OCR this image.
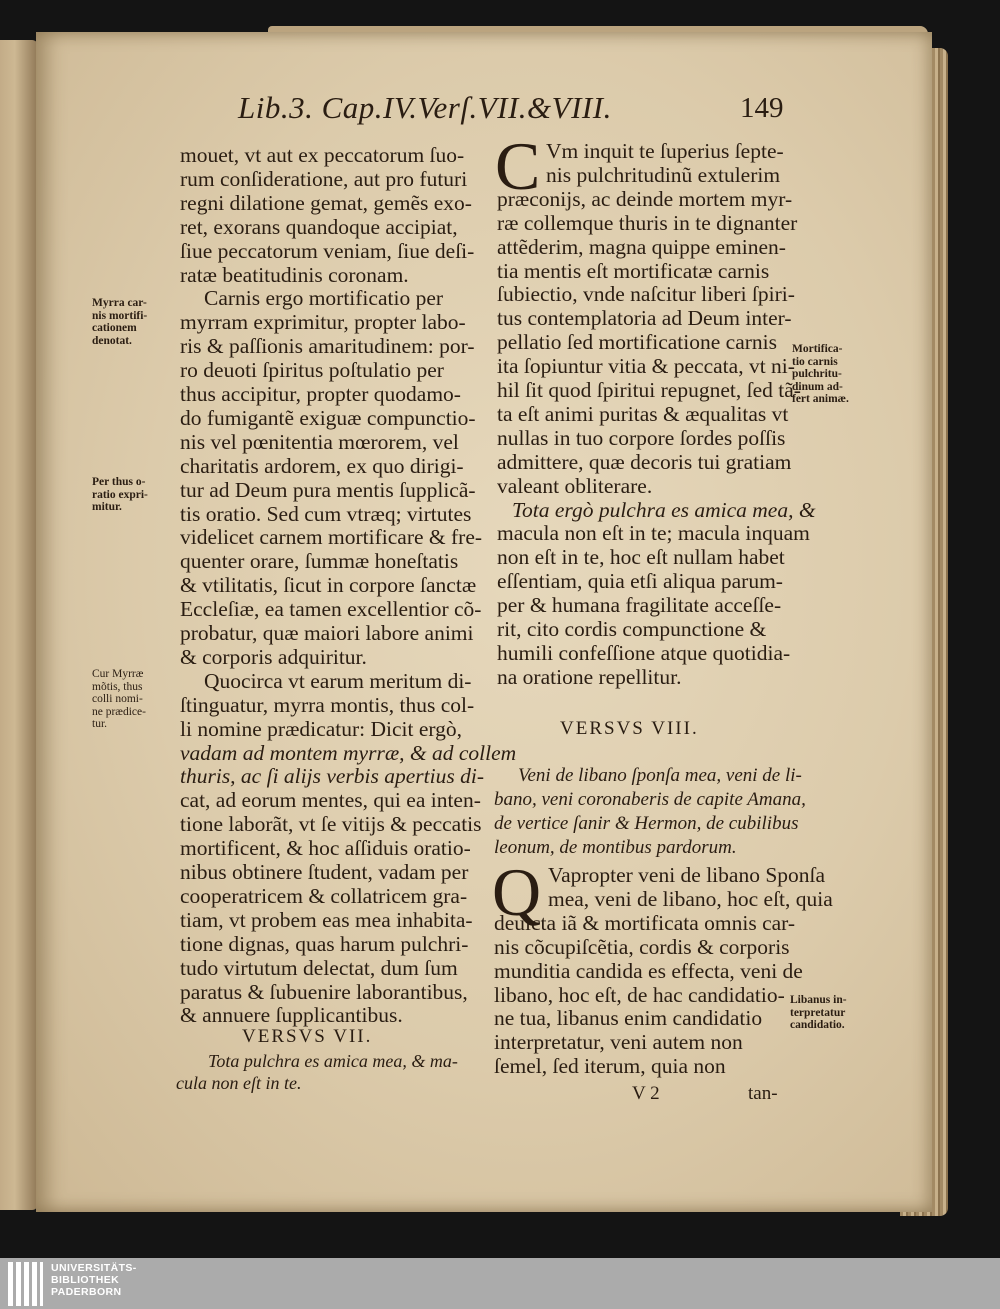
Lib.3. Cap.IV.Verſ.VII.&VIII.	149
mouet, vt aut ex peccatorum ſuo-
rum conſideratione, aut pro futuri
regni dilatione gemat, gemẽs exo-
ret, exorans quandoque accipiat,
ſiue peccatorum veniam, ſiue deſi-
ratæ beatitudinis coronam.
Carnis ergo mortificatio per
myrram exprimitur, propter labo-
ris & paſſionis amaritudinem: por-
ro deuoti ſpiritus poſtulatio per
thus accipitur, propter quodamo-
do fumigantẽ exiguæ compunctio-
nis vel pœnitentia mœrorem, vel
charitatis ardorem, ex quo dirigi-
tur ad Deum pura mentis ſupplicã-
tis oratio. Sed cum vtræq; virtutes
videlicet carnem mortificare & fre-
quenter orare, ſummæ honeſtatis
& vtilitatis, ſicut in corpore ſanctæ
Eccleſiæ, ea tamen excellentior cõ-
probatur, quæ maiori labore animi
& corporis adquiritur.
Quocirca vt earum meritum di-
ſtinguatur, myrra montis, thus col-
li nomine prædicatur: Dicit ergò,
vadam ad montem myrræ, & ad collem
thuris, ac ſi alijs verbis apertius di-
cat, ad eorum mentes, qui ea inten-
tione laborãt, vt ſe vitijs & peccatis
mortificent, & hoc aſſiduis oratio-
nibus obtinere ſtudent, vadam per
cooperatricem & collatricem gra-
tiam, vt probem eas mea inhabita-
tione dignas, quas harum pulchri-
tudo virtutum delectat, dum ſum
paratus & ſubuenire laborantibus,
& annuere ſupplicantibus.
VERSVS VII.
Tota pulchra es amica mea, & ma-
cula non eſt in te.
C Vm inquit te ſuperius ſepte-
nis pulchritudinũ extulerim
præconijs, ac deinde mortem myr-
ræ collemque thuris in te dignanter
attẽderim, magna quippe eminen-
tia mentis eſt mortificatæ carnis
ſubiectio, vnde naſcitur liberi ſpiri-
tus contemplatoria ad Deum inter-
pellatio ſed mortificatione carnis
ita ſopiuntur vitia & peccata, vt ni-
hil ſit quod ſpiritui repugnet, ſed tã-
ta eſt animi puritas & æqualitas vt
nullas in tuo corpore ſordes poſſis
admittere, quæ decoris tui gratiam
valeant obliterare.
Tota ergò pulchra es amica mea, &
macula non eſt in te; macula inquam
non eſt in te, hoc eſt nullam habet
eſſentiam, quia etſi aliqua parum-
per & humana fragilitate acceſſe-
rit, cito cordis compunctione &
humili confeſſione atque quotidia-
na oratione repellitur.
VERSVS VIII.
Veni de libano ſponſa mea, veni de li-
bano, veni coronaberis de capite Amana,
de vertice ſanir & Hermon, de cubilibus
leonum, de montibus pardorum.
Q Vapropter veni de libano Sponſa
mea, veni de libano, hoc eſt, quia
deuicta iã & mortificata omnis car-
nis cõcupiſcẽtia, cordis & corporis
munditia candida es effecta, veni de
libano, hoc eſt, de hac candidatio-
ne tua, libanus enim candidatio
interpretatur, veni autem non
ſemel, ſed iterum, quia non
V 2	tan-
Myrra car-
nis mortifi-
cationem
denotat.
Per thus o-
ratio expri-
mitur.
Cur Myrræ
mõtis, thus
colli nomi-
ne prædice-
tur.
Mortifica-
tio carnis
pulchritu-
dinum ad-
fert animæ.
Libanus in-
terpretatur
candidatio.
UNIVERSITÄTS-
BIBLIOTHEK
PADERBORN
